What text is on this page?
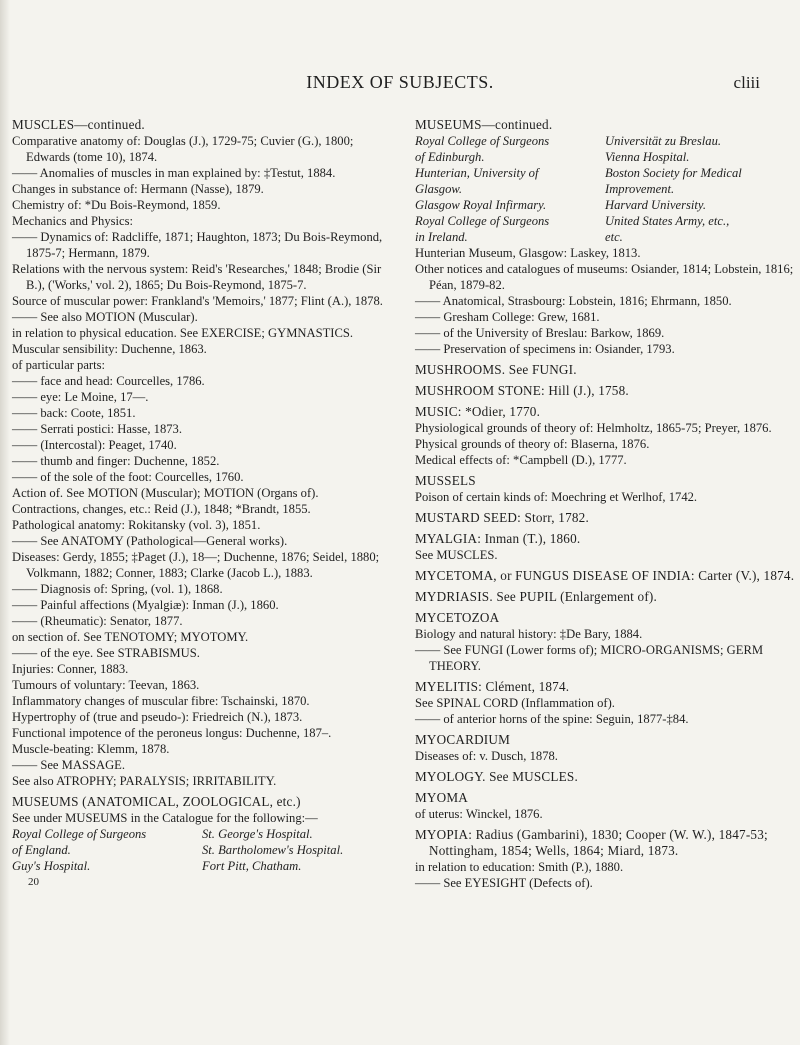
INDEX OF SUBJECTS.	cliii

MUSCLES—continued.

Comparative anatomy of: Douglas (J.), 1729-75; Cuvier (G.), 1800; Edwards (tome 10), 1874.

—— Anomalies of muscles in man explained by: ‡Testut, 1884.

Changes in substance of: Hermann (Nasse), 1879.

Chemistry of: *Du Bois-Reymond, 1859.

Mechanics and Physics:

—— Dynamics of: Radcliffe, 1871; Haughton, 1873; Du Bois-Reymond, 1875-7; Hermann, 1879.

Relations with the nervous system: Reid's 'Researches,' 1848; Brodie (Sir B.), ('Works,' vol. 2), 1865; Du Bois-Reymond, 1875-7.

Source of muscular power: Frankland's 'Memoirs,' 1877; Flint (A.), 1878.

—— See also MOTION (Muscular).

in relation to physical education. See EXERCISE; GYMNASTICS.

Muscular sensibility: Duchenne, 1863.

of particular parts:

—— face and head: Courcelles, 1786.

—— eye: Le Moine, 17—.

—— back: Coote, 1851.

—— Serrati postici: Hasse, 1873.

—— (Intercostal): Peaget, 1740.

—— thumb and finger: Duchenne, 1852.

—— of the sole of the foot: Courcelles, 1760.

Action of. See MOTION (Muscular); MOTION (Organs of).

Contractions, changes, etc.: Reid (J.), 1848; *Brandt, 1855.

Pathological anatomy: Rokitansky (vol. 3), 1851.

—— See ANATOMY (Pathological—General works).

Diseases: Gerdy, 1855; ‡Paget (J.), 18—; Duchenne, 1876; Seidel, 1880; Volkmann, 1882; Conner, 1883; Clarke (Jacob L.), 1883.

—— Diagnosis of: Spring, (vol. 1), 1868.

—— Painful affections (Myalgiæ): Inman (J.), 1860.

—— (Rheumatic): Senator, 1877.

on section of. See TENOTOMY; MYOTOMY.

—— of the eye. See STRABISMUS.

Injuries: Conner, 1883.

Tumours of voluntary: Teevan, 1863.

Inflammatory changes of muscular fibre: Tschainski, 1870.

Hypertrophy of (true and pseudo-): Friedreich (N.), 1873.

Functional impotence of the peroneus longus: Duchenne, 187–.

Muscle-beating: Klemm, 1878.

—— See MASSAGE.

See also ATROPHY; PARALYSIS; IRRITABILITY.

MUSEUMS (ANATOMICAL, ZOOLOGICAL, etc.)

See under MUSEUMS in the Catalogue for the following:—

Royal College of Surgeons	St. George's Hospital.
of England.	St. Bartholomew's Hospital.
Guy's Hospital.	Fort Pitt, Chatham.

20

MUSEUMS—continued.

Royal College of Surgeons	Universität zu Breslau.
of Edinburgh.	Vienna Hospital.
Hunterian, University of	Boston Society for Medical
Glasgow.	Improvement.
Glasgow Royal Infirmary.	Harvard University.
Royal College of Surgeons	United States Army, etc.,
in Ireland.	etc.

Hunterian Museum, Glasgow: Laskey, 1813.

Other notices and catalogues of museums: Osiander, 1814; Lobstein, 1816; Péan, 1879-82.

—— Anatomical, Strasbourg: Lobstein, 1816; Ehrmann, 1850.

—— Gresham College: Grew, 1681.

—— of the University of Breslau: Barkow, 1869.

—— Preservation of specimens in: Osiander, 1793.

MUSHROOMS. See FUNGI.

MUSHROOM STONE: Hill (J.), 1758.

MUSIC: *Odier, 1770.

Physiological grounds of theory of: Helmholtz, 1865-75; Preyer, 1876.

Physical grounds of theory of: Blaserna, 1876.

Medical effects of: *Campbell (D.), 1777.

MUSSELS

Poison of certain kinds of: Moechring et Werlhof, 1742.

MUSTARD SEED: Storr, 1782.

MYALGIA: Inman (T.), 1860.

See MUSCLES.

MYCETOMA, or FUNGUS DISEASE OF INDIA: Carter (V.), 1874.

MYDRIASIS. See PUPIL (Enlargement of).

MYCETOZOA

Biology and natural history: ‡De Bary, 1884.

—— See FUNGI (Lower forms of); MICRO-ORGANISMS; GERM THEORY.

MYELITIS: Clément, 1874.

See SPINAL CORD (Inflammation of).

—— of anterior horns of the spine: Seguin, 1877-‡84.

MYOCARDIUM

Diseases of: v. Dusch, 1878.

MYOLOGY. See MUSCLES.

MYOMA

of uterus: Winckel, 1876.

MYOPIA: Radius (Gambarini), 1830; Cooper (W. W.), 1847-53; Nottingham, 1854; Wells, 1864; Miard, 1873.

in relation to education: Smith (P.), 1880.

—— See EYESIGHT (Defects of).
